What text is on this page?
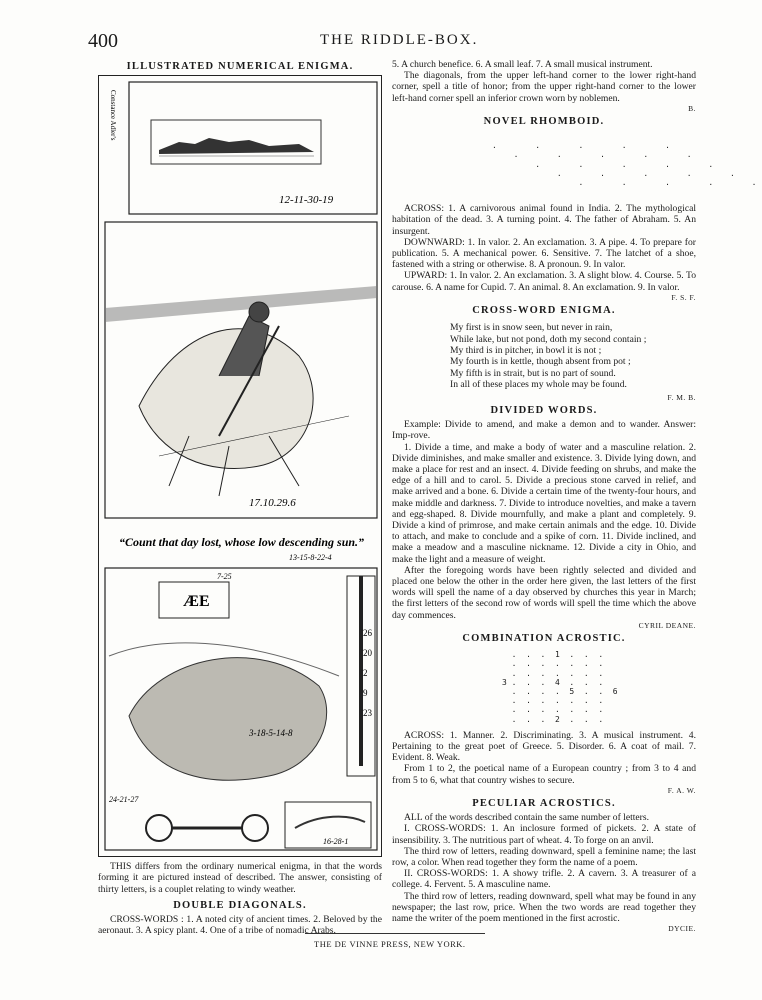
400	THE RIDDLE-BOX.
ILLUSTRATED NUMERICAL ENIGMA.
Constance Adler's
12-11-30-19
17.10.29.6
“Count that day lost, whose low descending sun.”
13-15-8-22-4
ÆE
7-25
26
20
2
9
23
3-18-5-14-8
24-21-27
16-28-1

THIS differs from the ordinary numerical enigma, in that the words forming it are pictured instead of described. The answer, consisting of thirty letters, is a couplet relating to windy weather.

DOUBLE DIAGONALS.

CROSS-WORDS : 1. A noted city of ancient times. 2. Beloved by the aeronaut. 3. A spicy plant. 4. One of a tribe of nomadic Arabs.

5. A church benefice. 6. A small leaf. 7. A small musical instrument.

The diagonals, from the upper left-hand corner to the lower right-hand corner, spell a title of honor; from the upper right-hand corner to the lower left-hand corner spell an inferior crown worn by noblemen.

B.
NOVEL RHOMBOID.
.   .   .   .   .
.   .   .   .   .
.   .   .   .   .
.   .   .   .   .
.   .   .   .   .

ACROSS: 1. A carnivorous animal found in India. 2. The mythological habitation of the dead. 3. A turning point. 4. The father of Abraham. 5. An insurgent.

DOWNWARD: 1. In valor. 2. An exclamation. 3. A pipe. 4. To prepare for publication. 5. A mechanical power. 6. Sensitive. 7. The latchet of a shoe, fastened with a string or otherwise. 8. A pronoun. 9. In valor.

UPWARD: 1. In valor. 2. An exclamation. 3. A slight blow. 4. Course. 5. To carouse. 6. A name for Cupid. 7. An animal. 8. An exclamation. 9. In valor.

F. S. F.
CROSS-WORD ENIGMA.
My first is in snow seen, but never in rain,
While lake, but not pond, doth my second contain ;
My third is in pitcher, in bowl it is not ;
My fourth is in kettle, though absent from pot ;
My fifth is in strait, but is no part of sound.
In all of these places my whole may be found.
F. M. B.
DIVIDED WORDS.

Example: Divide to amend, and make a demon and to wander. Answer: Imp-rove.

1. Divide a time, and make a body of water and a masculine relation. 2. Divide diminishes, and make smaller and existence. 3. Divide lying down, and make a place for rest and an insect. 4. Divide feeding on shrubs, and make the edge of a hill and to carol. 5. Divide a precious stone carved in relief, and make arrived and a bone. 6. Divide a certain time of the twenty-four hours, and make middle and darkness. 7. Divide to introduce novelties, and make a tavern and egg-shaped. 8. Divide mournfully, and make a plant and completely. 9. Divide a kind of primrose, and make certain animals and the edge. 10. Divide to attach, and make to conclude and a spike of corn. 11. Divide inclined, and make a meadow and a masculine nickname. 12. Divide a city in Ohio, and make the light and a measure of weight.

After the foregoing words have been rightly selected and divided and placed one below the other in the order here given, the last letters of the first words will spell the name of a day observed by churches this year in March; the first letters of the second row of words will spell the time which the above day commences.

CYRIL DEANE.
COMBINATION ACROSTIC.
.  .  .  1  .  .  .
.  .  .  .  .  .  .
.  .  .  .  .  .  .
3 .  .  .  4  .  .  .
.  .  .  .  5  .  .  6
.  .  .  .  .  .  .
.  .  .  .  .  .  .
.  .  .  2  .  .  .

ACROSS: 1. Manner. 2. Discriminating. 3. A musical instrument. 4. Pertaining to the great poet of Greece. 5. Disorder. 6. A coat of mail. 7. Evident. 8. Weak.

From 1 to 2, the poetical name of a European country ; from 3 to 4 and from 5 to 6, what that country wishes to secure.

F. A. W.
PECULIAR ACROSTICS.

ALL of the words described contain the same number of letters.

I. CROSS-WORDS: 1. An inclosure formed of pickets. 2. A state of insensibility. 3. The nutritious part of wheat. 4. To forge on an anvil.

The third row of letters, reading downward, spell a feminine name; the last row, a color. When read together they form the name of a poem.

II. CROSS-WORDS: 1. A showy trifle. 2. A cavern. 3. A treasurer of a college. 4. Fervent. 5. A masculine name.

The third row of letters, reading downward, spell what may be found in any newspaper; the last row, price. When the two words are read together they name the writer of the poem mentioned in the first acrostic.

DYCIE.
THE DE VINNE PRESS, NEW YORK.
